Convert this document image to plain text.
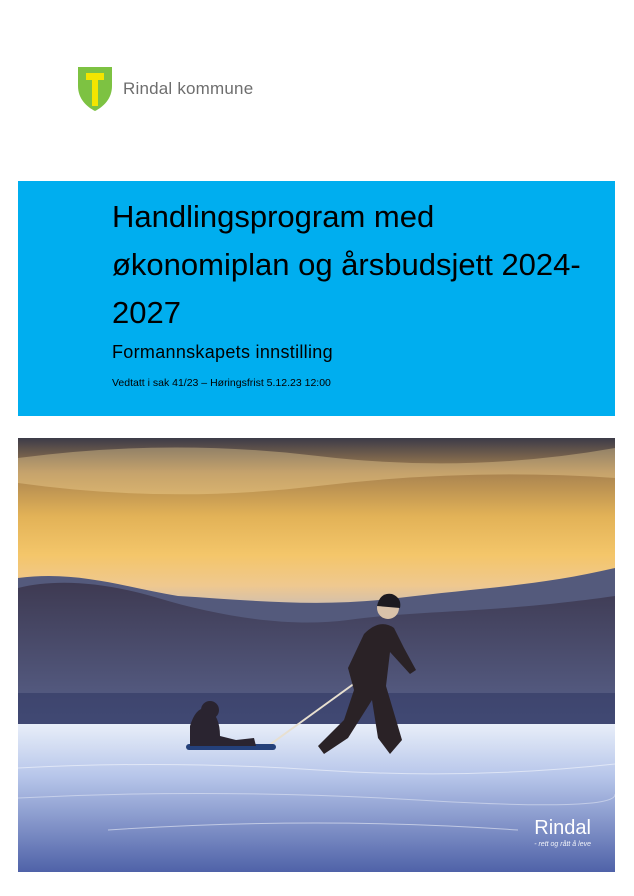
Rindal kommune
Handlingsprogram med økonomiplan og årsbudsjett 2024-2027
Formannskapets innstilling
Vedtatt i sak 41/23 – Høringsfrist 5.12.23 12:00
Rindal
- rett og rått å leve
